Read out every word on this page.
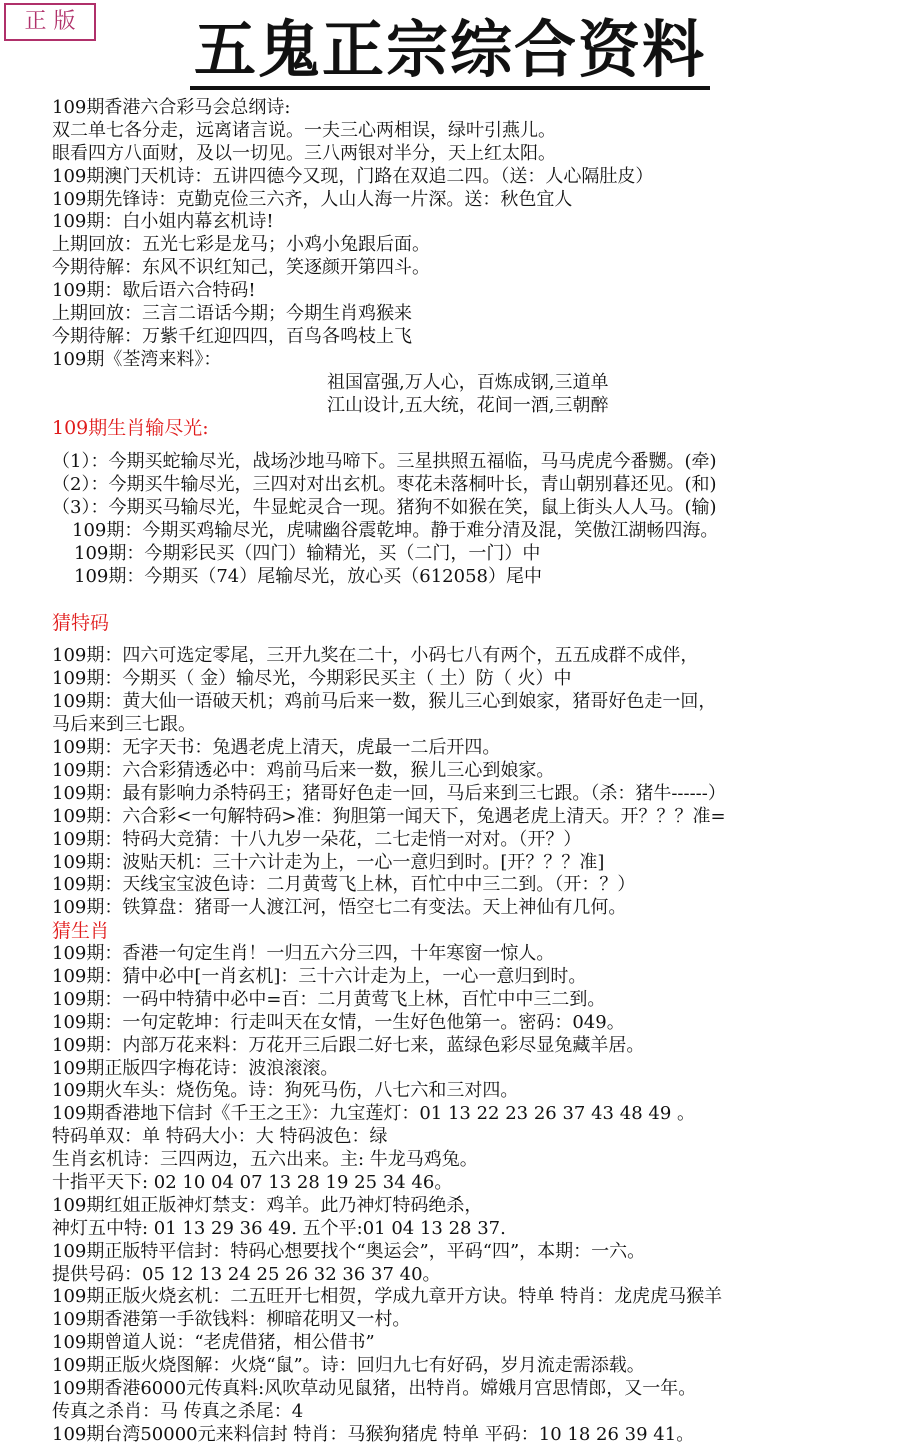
正 版	五鬼正宗综合资料
109期香港六合彩马会总纲诗:
双二单七各分走，远离诸言说。一夫三心两相误，绿叶引燕儿。
眼看四方八面财，及以一切见。三八两银对半分，天上红太阳。
109期澳门天机诗：五讲四德今又现，门路在双追二四。（送：人心隔肚皮）
109期先锋诗：克勤克俭三六齐，人山人海一片深。送：秋色宜人
109期：白小姐内幕玄机诗!
上期回放：五光七彩是龙马；小鸡小兔跟后面。
今期待解：东风不识红知己，笑逐颜开第四斗。
109期：歇后语六合特码!
上期回放：三言二语话今期；今期生肖鸡猴来
今期待解：万紫千红迎四四，百鸟各鸣枝上飞
109期《荃湾来料》：
祖国富强,万人心，百炼成钢,三道单
江山设计,五大统，花间一酒,三朝醉
109期生肖输尽光:
（1）：今期买蛇输尽光，战场沙地马啼下。三星拱照五福临，马马虎虎今番嬲。(牵)
（2）：今期买牛输尽光，三四对对出玄机。枣花未落桐叶长，青山朝别暮还见。(和)
（3）：今期买马输尽光，牛显蛇灵合一现。猪狗不如猴在笑，鼠上街头人人马。(输)
109期：今期买鸡输尽光，虎啸幽谷震乾坤。静于难分清及混，笑傲江湖畅四海。
109期：今期彩民买（四门）输精光，买（二门，一门）中
109期：今期买（74）尾输尽光，放心买（612058）尾中
猜特码
109期：四六可选定零尾，三开九奖在二十，小码七八有两个，五五成群不成伴，
109期：今期买（ 金）输尽光，今期彩民买主（ 土）防（ 火）中
109期：黄大仙一语破天机；鸡前马后来一数，猴儿三心到娘家，猪哥好色走一回，
马后来到三七跟。
109期：无字天书：兔遇老虎上清天，虎最一二后开四。
109期：六合彩猜透必中：鸡前马后来一数，猴儿三心到娘家。
109期：最有影响力杀特码王；猪哥好色走一回，马后来到三七跟。（杀：猪牛------）
109期：六合彩<一句解特码>准：狗胆第一闻天下，兔遇老虎上清天。开？？？准=
109期：特码大竞猜：十八九岁一朵花，二七走悄一对对。（开？）
109期：波贴天机：三十六计走为上，一心一意归到时。[开？？？准]
109期：天线宝宝波色诗：二月黄莺飞上林，百忙中中三二到。（开：？）
109期：铁算盘：猪哥一人渡江河，悟空七二有变法。天上神仙有几何。
猜生肖
109期：香港一句定生肖！一归五六分三四，十年寒窗一惊人。
109期：猜中必中[一肖玄机]：三十六计走为上，一心一意归到时。
109期：一码中特猜中必中=百：二月黄莺飞上林，百忙中中三二到。
109期：一句定乾坤：行走叫天在女情，一生好色他第一。密码：049。
109期：内部万花来料：万花开三后跟二好七来，蓝绿色彩尽显兔藏羊居。
109期正版四字梅花诗：波浪滚滚。
109期火车头：烧伤兔。诗：狗死马伤，八七六和三对四。
109期香港地下信封《千王之王》：九宝莲灯：01 13 22 23 26 37 43 48 49 。
特码单双：单 特码大小：大 特码波色：绿
生肖玄机诗：三四两边，五六出来。主: 牛龙马鸡兔。
十指平天下: 02 10 04 07 13 28 19 25 34 46。
109期红姐正版神灯禁支：鸡羊。此乃神灯特码绝杀，
神灯五中特: 01 13 29 36 49. 五个平:01 04 13 28 37.
109期正版特平信封：特码心想要找个“奥运会”，平码“四”，本期：一六。
提供号码：05 12 13 24 25 26 32 36 37 40。
109期正版火烧玄机：二五旺开七相贺，学成九章开方诀。特单 特肖：龙虎虎马猴羊
109期香港第一手欲钱料：柳暗花明又一村。
109期曾道人说：“老虎借猪，相公借书”
109期正版火烧图解：火烧“鼠”。诗：回归九七有好码，岁月流走需添载。
109期香港6000元传真料:风吹草动见鼠猪，出特肖。嫦娥月宫思情郎，又一年。
传真之杀肖：马 传真之杀尾：4
109期台湾50000元来料信封 特肖：马猴狗猪虎 特单 平码：10 18 26 39 41。
